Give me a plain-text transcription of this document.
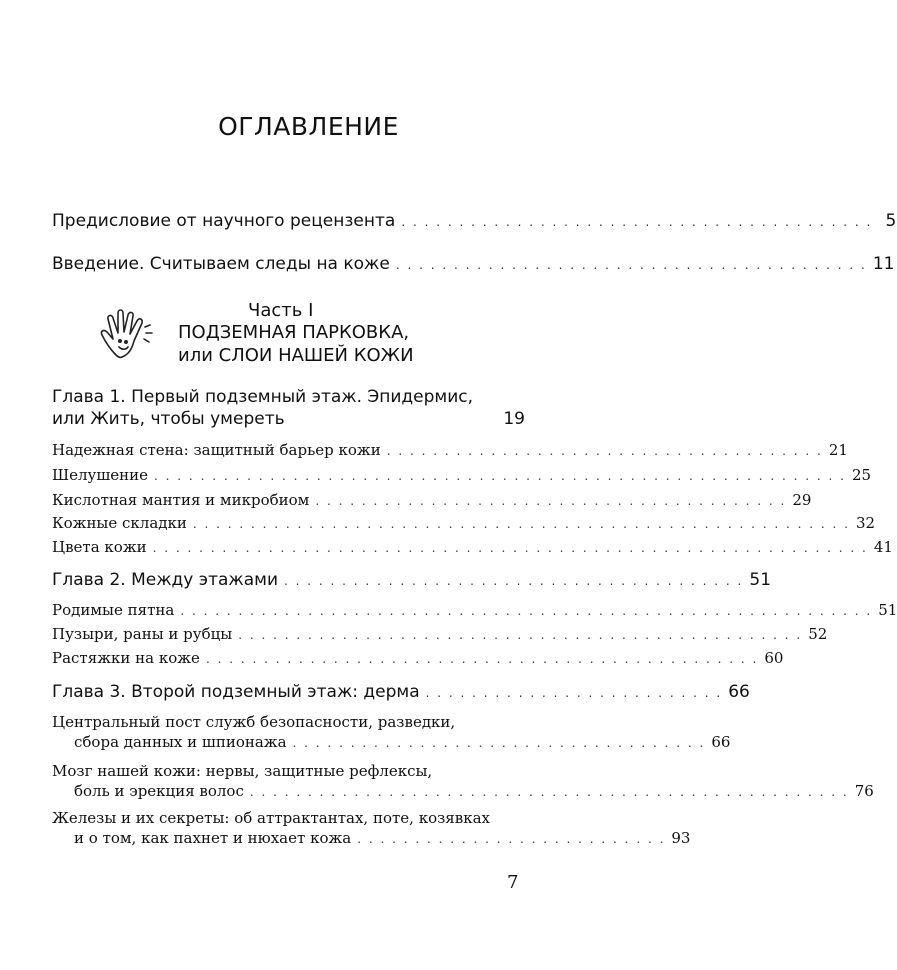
ОГЛАВЛЕНИЕ
Предисловие от научного рецензента . . . . . . . . . . . . . . . . . . . . . . . . . . . . . . . . . . . . . . . . . 5
Введение. Считываем следы на коже . . . . . . . . . . . . . . . . . . . . . . . . . . . . . . . . . . . . . . . . . 11
Часть I
ПОДЗЕМНАЯ ПАРКОВКА,
или СЛОИ НАШЕЙ КОЖИ
Глава 1. Первый подземный этаж. Эпидермис,
или Жить, чтобы умереть .	19
Надежная стена: защитный барьер кожи . . . . . . . . . . . . . . . . . . . . . . . . . . . . . . . . . . . . . . 21
Шелушение . . . . . . . . . . . . . . . . . . . . . . . . . . . . . . . . . . . . . . . . . . . . . . . . . . . . . . . . . . . . 25
Кислотная мантия и микробиом . . . . . . . . . . . . . . . . . . . . . . . . . . . . . . . . . . . . . . . . . 29
Кожные складки . . . . . . . . . . . . . . . . . . . . . . . . . . . . . . . . . . . . . . . . . . . . . . . . . . . . . . . . . 32
Цвета кожи . . . . . . . . . . . . . . . . . . . . . . . . . . . . . . . . . . . . . . . . . . . . . . . . . . . . . . . . . . . . . . 41
Глава 2. Между этажами . . . . . . . . . . . . . . . . . . . . . . . . . . . . . . . . . . . . . . . . 51
Родимые пятна . . . . . . . . . . . . . . . . . . . . . . . . . . . . . . . . . . . . . . . . . . . . . . . . . . . . . . . . . . . . 51
Пузыри, раны и рубцы . . . . . . . . . . . . . . . . . . . . . . . . . . . . . . . . . . . . . . . . . . . . . . . . . 52
Растяжки на коже . . . . . . . . . . . . . . . . . . . . . . . . . . . . . . . . . . . . . . . . . . . . . . . . 60
Глава 3. Второй подземный этаж: дерма . . . . . . . . . . . . . . . . . . . . . . . . . . 66
Центральный пост служб безопасности, разведки,
сбора данных и шпионажа . . . . . . . . . . . . . . . . . . . . . . . . . . . . . . . . . . . . 66
Мозг нашей кожи: нервы, защитные рефлексы,
боль и эрекция волос . . . . . . . . . . . . . . . . . . . . . . . . . . . . . . . . . . . . . . . . . . . . . . . . . . . . 76
Железы и их секреты: об аттрактантах, поте, козявках
и о том, как пахнет и нюхает кожа . . . . . . . . . . . . . . . . . . . . . . . . . . . 93
7
